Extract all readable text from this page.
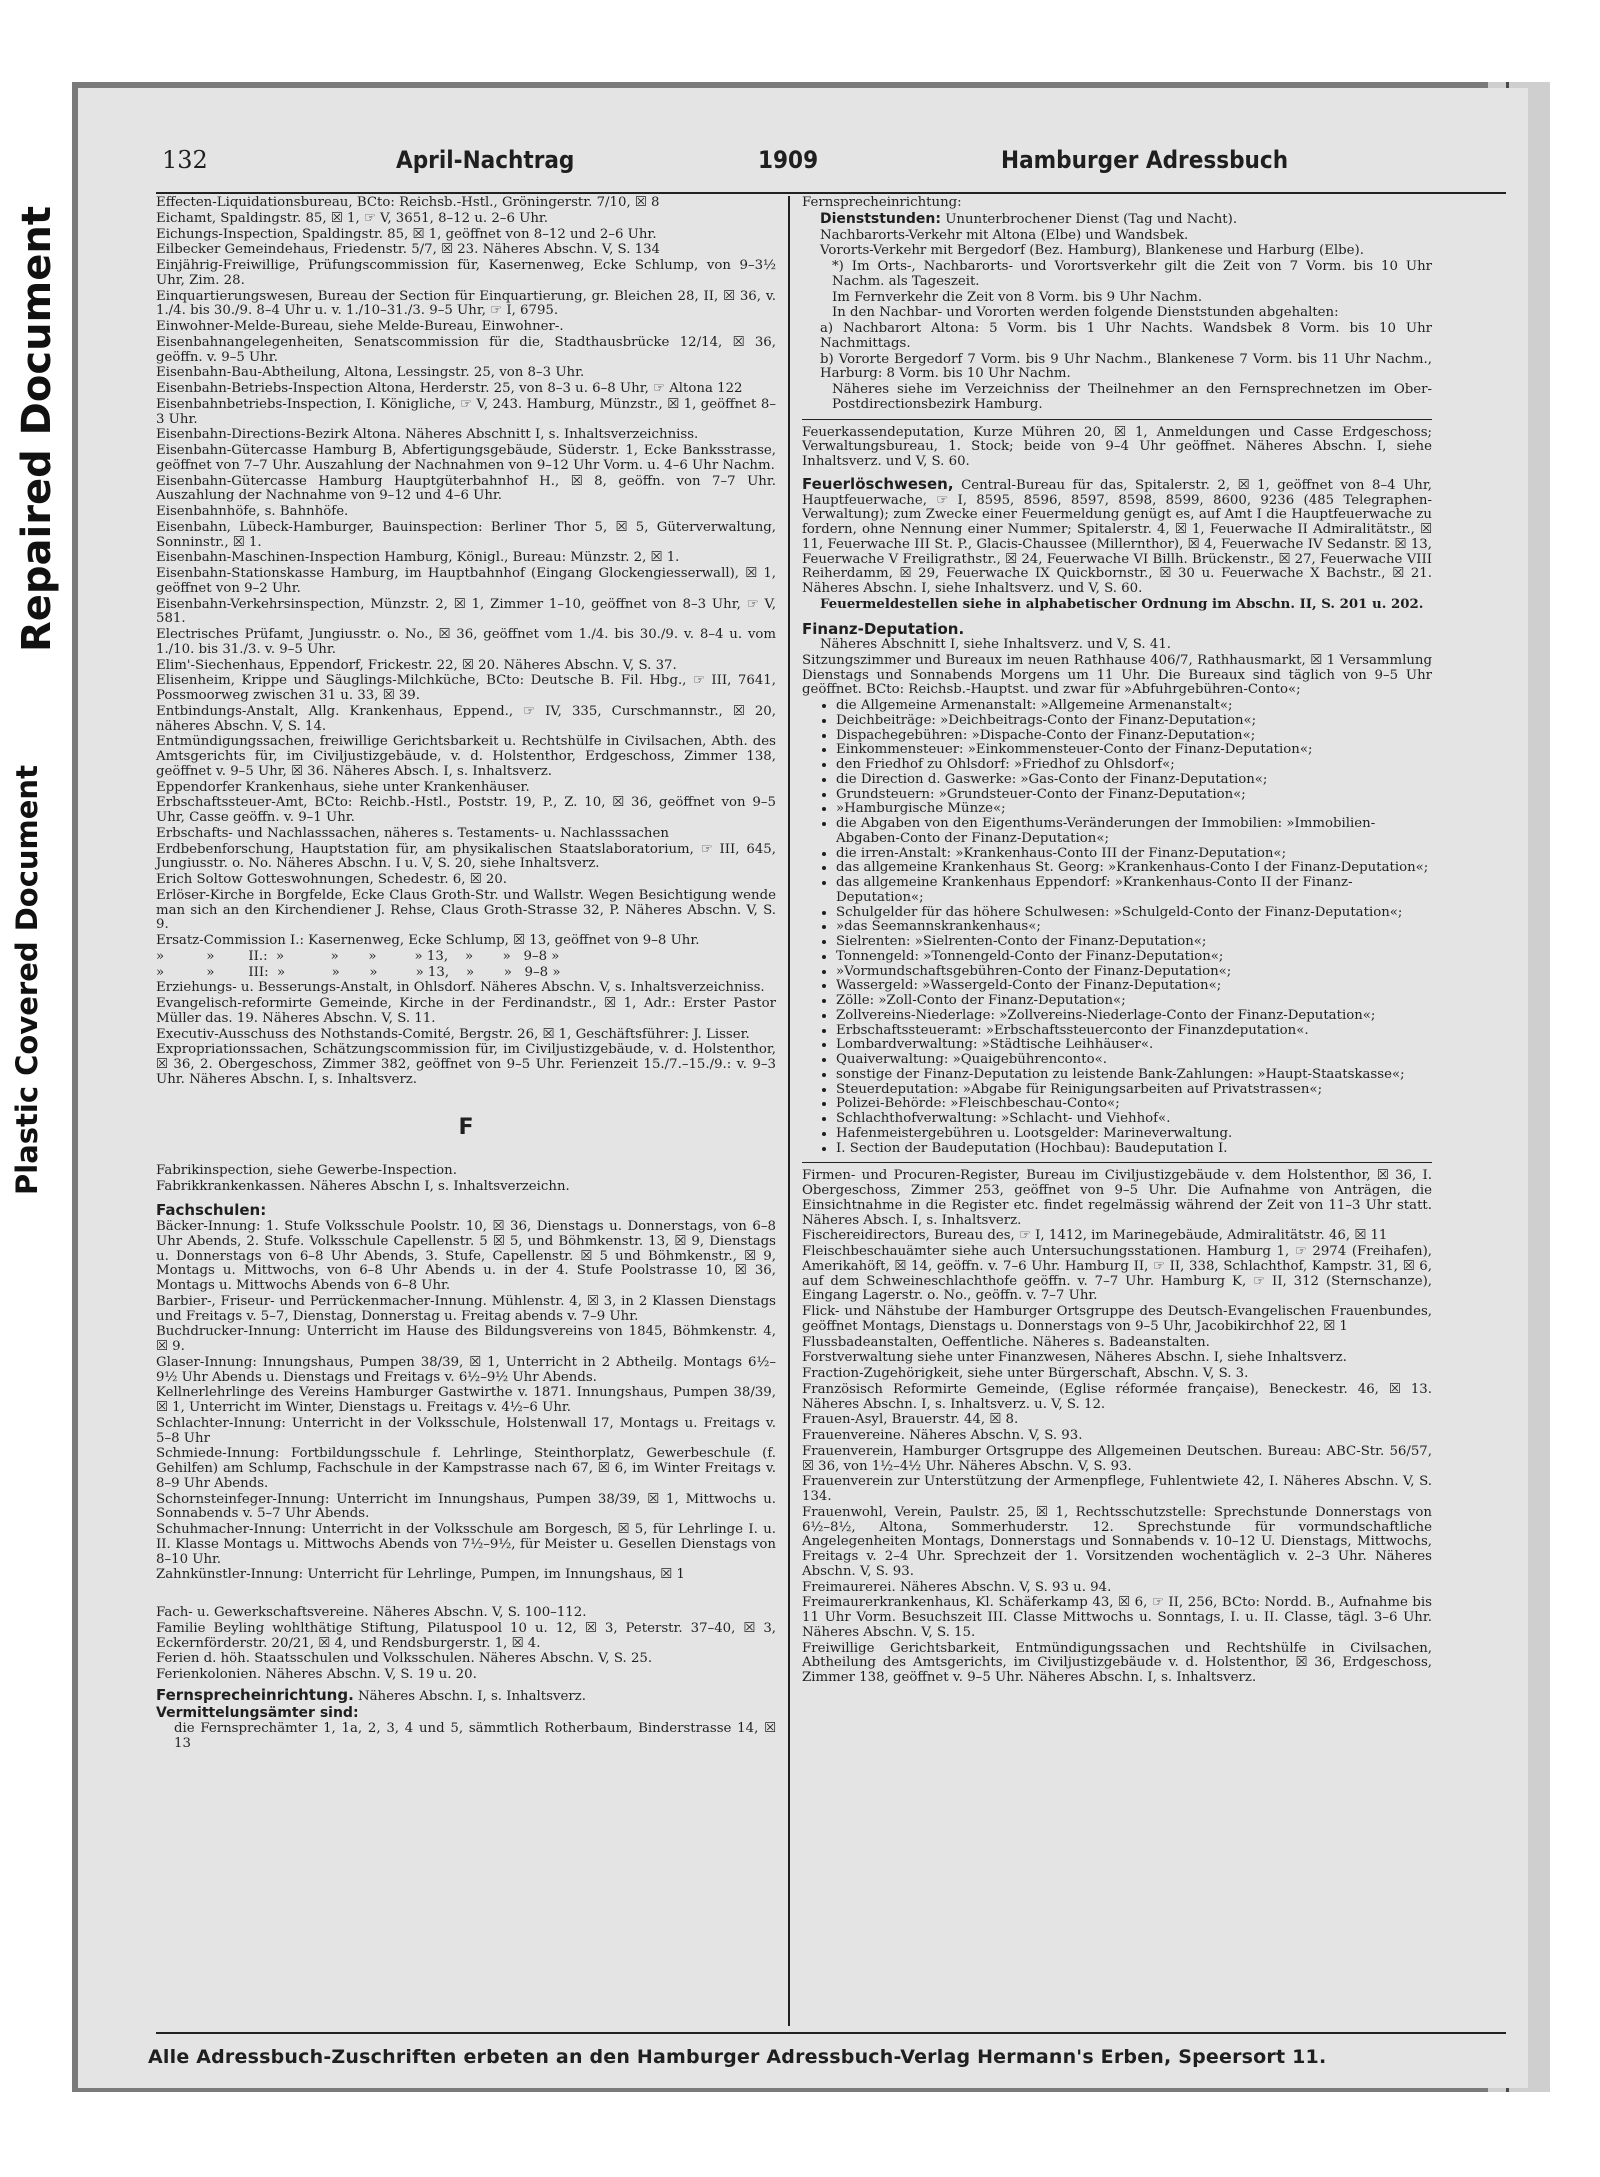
Plastic Covered Document
Repaired Document
132	April-Nachtrag	1909	Hamburger Adressbuch

Effecten-Liquidationsbureau, BCto: Reichsb.-Hstl., Gröningerstr. 7/10, ☒ 8

Eichamt, Spaldingstr. 85, ☒ 1, ☞ V, 3651, 8–12 u. 2–6 Uhr.

Eichungs-Inspection, Spaldingstr. 85, ☒ 1, geöffnet von 8–12 und 2–6 Uhr.

Eilbecker Gemeindehaus, Friedenstr. 5/7, ☒ 23. Näheres Abschn. V, S. 134

Einjährig-Freiwillige, Prüfungscommission für, Kasernenweg, Ecke Schlump, von 9–3½ Uhr, Zim. 28.

Einquartierungswesen, Bureau der Section für Einquartierung, gr. Bleichen 28, II, ☒ 36, v. 1./4. bis 30./9. 8–4 Uhr u. v. 1./10–31./3. 9–5 Uhr, ☞ I, 6795.

Einwohner-Melde-Bureau, siehe Melde-Bureau, Einwohner-.

Eisenbahnangelegenheiten, Senatscommission für die, Stadthausbrücke 12/14, ☒ 36, geöffn. v. 9–5 Uhr.

Eisenbahn-Bau-Abtheilung, Altona, Lessingstr. 25, von 8–3 Uhr.

Eisenbahn-Betriebs-Inspection Altona, Herderstr. 25, von 8–3 u. 6–8 Uhr, ☞ Altona 122

Eisenbahnbetriebs-Inspection, I. Königliche, ☞ V, 243. Hamburg, Münzstr., ☒ 1, geöffnet 8–3 Uhr.

Eisenbahn-Directions-Bezirk Altona. Näheres Abschnitt I, s. Inhaltsverzeichniss.

Eisenbahn-Gütercasse Hamburg B, Abfertigungsgebäude, Süderstr. 1, Ecke Banksstrasse, geöffnet von 7–7 Uhr. Auszahlung der Nachnahmen von 9–12 Uhr Vorm. u. 4–6 Uhr Nachm.

Eisenbahn-Gütercasse Hamburg Hauptgüterbahnhof H., ☒ 8, geöffn. von 7–7 Uhr. Auszahlung der Nachnahme von 9–12 und 4–6 Uhr.

Eisenbahnhöfe, s. Bahnhöfe.

Eisenbahn, Lübeck-Hamburger, Bauinspection: Berliner Thor 5, ☒ 5, Güterverwaltung, Sonninstr., ☒ 1.

Eisenbahn-Maschinen-Inspection Hamburg, Königl., Bureau: Münzstr. 2, ☒ 1.

Eisenbahn-Stationskasse Hamburg, im Hauptbahnhof (Eingang Glockengiesserwall), ☒ 1, geöffnet von 9–2 Uhr.

Eisenbahn-Verkehrsinspection, Münzstr. 2, ☒ 1, Zimmer 1–10, geöffnet von 8–3 Uhr, ☞ V, 581.

Electrisches Prüfamt, Jungiusstr. o. No., ☒ 36, geöffnet vom 1./4. bis 30./9. v. 8–4 u. vom 1./10. bis 31./3. v. 9–5 Uhr.

Elim'-Siechenhaus, Eppendorf, Frickestr. 22, ☒ 20. Näheres Abschn. V, S. 37.

Elisenheim, Krippe und Säuglings-Milchküche, BCto: Deutsche B. Fil. Hbg., ☞ III, 7641, Possmoorweg zwischen 31 u. 33, ☒ 39.

Entbindungs-Anstalt, Allg. Krankenhaus, Eppend., ☞ IV, 335, Curschmannstr., ☒ 20, näheres Abschn. V, S. 14.

Entmündigungssachen, freiwillige Gerichtsbarkeit u. Rechtshülfe in Civilsachen, Abth. des Amtsgerichts für, im Civiljustizgebäude, v. d. Holstenthor, Erdgeschoss, Zimmer 138, geöffnet v. 9–5 Uhr, ☒ 36. Näheres Absch. I, s. Inhaltsverz.

Eppendorfer Krankenhaus, siehe unter Krankenhäuser.

Erbschaftssteuer-Amt, BCto: Reichb.-Hstl., Poststr. 19, P., Z. 10, ☒ 36, geöffnet von 9–5 Uhr, Casse geöffn. v. 9–1 Uhr.

Erbschafts- und Nachlasssachen, näheres s. Testaments- u. Nachlasssachen

Erdbebenforschung, Hauptstation für, am physikalischen Staatslaboratorium, ☞ III, 645, Jungiusstr. o. No. Näheres Abschn. I u. V, S. 20, siehe Inhaltsverz.

Erich Soltow Gotteswohnungen, Schedestr. 6, ☒ 20.

Erlöser-Kirche in Borgfelde, Ecke Claus Groth-Str. und Wallstr. Wegen Besichtigung wende man sich an den Kirchendiener J. Rehse, Claus Groth-Strasse 32, P. Näheres Abschn. V, S. 9.

Ersatz-Commission I.: Kasernenweg, Ecke Schlump, ☒ 13, geöffnet von 9–8 Uhr.

»          »        II.:  »           »       »         » 13,    »       »   9–8 »

»          »        III:  »           »       »         » 13,    »       »   9–8 »

Erziehungs- u. Besserungs-Anstalt, in Ohlsdorf. Näheres Abschn. V, s. Inhaltsverzeichniss.

Evangelisch-reformirte Gemeinde, Kirche in der Ferdinandstr., ☒ 1, Adr.: Erster Pastor Müller das. 19. Näheres Abschn. V, S. 11.

Executiv-Ausschuss des Nothstands-Comité, Bergstr. 26, ☒ 1, Geschäftsführer: J. Lisser.

Expropriationssachen, Schätzungscommission für, im Civiljustizgebäude, v. d. Holstenthor, ☒ 36, 2. Obergeschoss, Zimmer 382, geöffnet von 9–5 Uhr. Ferienzeit 15./7.–15./9.: v. 9–3 Uhr. Näheres Abschn. I, s. Inhaltsverz.

F

Fabrikinspection, siehe Gewerbe-Inspection.

Fabrikkrankenkassen. Näheres Abschn I, s. Inhaltsverzeichn.

Fachschulen:

Bäcker-Innung: 1. Stufe Volksschule Poolstr. 10, ☒ 36, Dienstags u. Donnerstags, von 6–8 Uhr Abends, 2. Stufe. Volksschule Capellenstr. 5 ☒ 5, und Böhmkenstr. 13, ☒ 9, Dienstags u. Donnerstags von 6–8 Uhr Abends, 3. Stufe, Capellenstr. ☒ 5 und Böhmkenstr., ☒ 9, Montags u. Mittwochs, von 6–8 Uhr Abends u. in der 4. Stufe Poolstrasse 10, ☒ 36, Montags u. Mittwochs Abends von 6–8 Uhr.

Barbier-, Friseur- und Perrückenmacher-Innung. Mühlenstr. 4, ☒ 3, in 2 Klassen Dienstags und Freitags v. 5–7, Dienstag, Donnerstag u. Freitag abends v. 7–9 Uhr.

Buchdrucker-Innung: Unterricht im Hause des Bildungsvereins von 1845, Böhmkenstr. 4, ☒ 9.

Glaser-Innung: Innungshaus, Pumpen 38/39, ☒ 1, Unterricht in 2 Abtheilg. Montags 6½–9½ Uhr Abends u. Dienstags und Freitags v. 6½–9½ Uhr Abends.

Kellnerlehrlinge des Vereins Hamburger Gastwirthe v. 1871. Innungshaus, Pumpen 38/39, ☒ 1, Unterricht im Winter, Dienstags u. Freitags v. 4½–6 Uhr.

Schlachter-Innung: Unterricht in der Volksschule, Holstenwall 17, Montags u. Freitags v. 5–8 Uhr

Schmiede-Innung: Fortbildungsschule f. Lehrlinge, Steinthorplatz, Gewerbeschule (f. Gehilfen) am Schlump, Fachschule in der Kampstrasse nach 67, ☒ 6, im Winter Freitags v. 8–9 Uhr Abends.

Schornsteinfeger-Innung: Unterricht im Innungshaus, Pumpen 38/39, ☒ 1, Mittwochs u. Sonnabends v. 5–7 Uhr Abends.

Schuhmacher-Innung: Unterricht in der Volksschule am Borgesch, ☒ 5, für Lehrlinge I. u. II. Klasse Montags u. Mittwochs Abends von 7½–9½, für Meister u. Gesellen Dienstags von 8–10 Uhr.

Zahnkünstler-Innung: Unterricht für Lehrlinge, Pumpen, im Innungshaus, ☒ 1

Fach- u. Gewerkschaftsvereine. Näheres Abschn. V, S. 100–112.

Familie Beyling wohlthätige Stiftung, Pilatuspool 10 u. 12, ☒ 3, Peterstr. 37–40, ☒ 3, Eckernförderstr. 20/21, ☒ 4, und Rendsburgerstr. 1, ☒ 4.

Ferien d. höh. Staatsschulen und Volksschulen. Näheres Abschn. V, S. 25.

Ferienkolonien. Näheres Abschn. V, S. 19 u. 20.

Fernsprecheinrichtung. Näheres Abschn. I, s. Inhaltsverz.

Vermittelungsämter sind:

die Fernsprechämter 1, 1a, 2, 3, 4 und 5, sämmtlich Rotherbaum, Binderstrasse 14, ☒ 13

Fernsprecheinrichtung:

Dienststunden: Ununterbrochener Dienst (Tag und Nacht).

Nachbarorts-Verkehr mit Altona (Elbe) und Wandsbek.

Vororts-Verkehr mit Bergedorf (Bez. Hamburg), Blankenese und Harburg (Elbe).

*) Im Orts-, Nachbarorts- und Vorortsverkehr gilt die Zeit von 7 Vorm. bis 10 Uhr Nachm. als Tageszeit.

Im Fernverkehr die Zeit von 8 Vorm. bis 9 Uhr Nachm.

In den Nachbar- und Vororten werden folgende Dienststunden abgehalten:

a) Nachbarort Altona: 5 Vorm. bis 1 Uhr Nachts. Wandsbek 8 Vorm. bis 10 Uhr Nachmittags.

b) Vororte Bergedorf 7 Vorm. bis 9 Uhr Nachm., Blankenese 7 Vorm. bis 11 Uhr Nachm., Harburg: 8 Vorm. bis 10 Uhr Nachm.

Näheres siehe im Verzeichniss der Theilnehmer an den Fernsprechnetzen im Ober-Postdirectionsbezirk Hamburg.

Feuerkassendeputation, Kurze Mühren 20, ☒ 1, Anmeldungen und Casse Erdgeschoss; Verwaltungsbureau, 1. Stock; beide von 9–4 Uhr geöffnet. Näheres Abschn. I, siehe Inhaltsverz. und V, S. 60.

Feuerlöschwesen, Central-Bureau für das, Spitalerstr. 2, ☒ 1, geöffnet von 8–4 Uhr, Hauptfeuerwache, ☞ I, 8595, 8596, 8597, 8598, 8599, 8600, 9236 (485 Telegraphen-Verwaltung); zum Zwecke einer Feuermeldung genügt es, auf Amt I die Hauptfeuerwache zu fordern, ohne Nennung einer Nummer; Spitalerstr. 4, ☒ 1, Feuerwache II Admiralitätstr., ☒ 11, Feuerwache III St. P., Glacis-Chaussee (Millernthor), ☒ 4, Feuerwache IV Sedanstr. ☒ 13, Feuerwache V Freiligrathstr., ☒ 24, Feuerwache VI Billh. Brückenstr., ☒ 27, Feuerwache VIII Reiherdamm, ☒ 29, Feuerwache IX Quickbornstr., ☒ 30 u. Feuerwache X Bachstr., ☒ 21. Näheres Abschn. I, siehe Inhaltsverz. und V, S. 60.

Feuermeldestellen siehe in alphabetischer Ordnung im Abschn. II, S. 201 u. 202.

Finanz-Deputation.

Näheres Abschnitt I, siehe Inhaltsverz. und V, S. 41.

Sitzungszimmer und Bureaux im neuen Rathhause 406/7, Rathhausmarkt, ☒ 1 Versammlung Dienstags und Sonnabends Morgens um 11 Uhr. Die Bureaux sind täglich von 9–5 Uhr geöffnet. BCto: Reichsb.-Hauptst. und zwar für »Abfuhrgebühren-Conto«;

• die Allgemeine Armenanstalt: »Allgemeine Armenanstalt«;
• Deichbeiträge: »Deichbeitrags-Conto der Finanz-Deputation«;
• Dispachegebühren: »Dispache-Conto der Finanz-Deputation«;
• Einkommensteuer: »Einkommensteuer-Conto der Finanz-Deputation«;
• den Friedhof zu Ohlsdorf: »Friedhof zu Ohlsdorf«;
• die Direction d. Gaswerke: »Gas-Conto der Finanz-Deputation«;
• Grundsteuern: »Grundsteuer-Conto der Finanz-Deputation«;
• »Hamburgische Münze«;
• die Abgaben von den Eigenthums-Veränderungen der Immobilien: »Immobilien-Abgaben-Conto der Finanz-Deputation«;
• die irren-Anstalt: »Krankenhaus-Conto III der Finanz-Deputation«;
• das allgemeine Krankenhaus St. Georg: »Krankenhaus-Conto I der Finanz-Deputation«;
• das allgemeine Krankenhaus Eppendorf: »Krankenhaus-Conto II der Finanz-Deputation«;
• Schulgelder für das höhere Schulwesen: »Schulgeld-Conto der Finanz-Deputation«;
• »das Seemannskrankenhaus«;
• Sielrenten: »Sielrenten-Conto der Finanz-Deputation«;
• Tonnengeld: »Tonnengeld-Conto der Finanz-Deputation«;
• »Vormundschaftsgebühren-Conto der Finanz-Deputation«;
• Wassergeld: »Wassergeld-Conto der Finanz-Deputation«;
• Zölle: »Zoll-Conto der Finanz-Deputation«;
• Zollvereins-Niederlage: »Zollvereins-Niederlage-Conto der Finanz-Deputation«;
• Erbschaftssteueramt: »Erbschaftssteuerconto der Finanzdeputation«.
• Lombardverwaltung: »Städtische Leihhäuser«.
• Quaiverwaltung: »Quaigebührenconto«.
• sonstige der Finanz-Deputation zu leistende Bank-Zahlungen: »Haupt-Staatskasse«;
• Steuerdeputation: »Abgabe für Reinigungsarbeiten auf Privatstrassen«;
• Polizei-Behörde: »Fleischbeschau-Conto«;
• Schlachthofverwaltung: »Schlacht- und Viehhof«.
• Hafenmeistergebühren u. Lootsgelder: Marineverwaltung.
• I. Section der Baudeputation (Hochbau): Baudeputation I.

Firmen- und Procuren-Register, Bureau im Civiljustizgebäude v. dem Holstenthor, ☒ 36, I. Obergeschoss, Zimmer 253, geöffnet von 9–5 Uhr. Die Aufnahme von Anträgen, die Einsichtnahme in die Register etc. findet regelmässig während der Zeit von 11–3 Uhr statt. Näheres Absch. I, s. Inhaltsverz.

Fischereidirectors, Bureau des, ☞ I, 1412, im Marinegebäude, Admiralitätstr. 46, ☒ 11

Fleischbeschauämter siehe auch Untersuchungsstationen. Hamburg 1, ☞ 2974 (Freihafen), Amerikahöft, ☒ 14, geöffn. v. 7–6 Uhr. Hamburg II, ☞ II, 338, Schlachthof, Kampstr. 31, ☒ 6, auf dem Schweineschlachthofe geöffn. v. 7–7 Uhr. Hamburg K, ☞ II, 312 (Sternschanze), Eingang Lagerstr. o. No., geöffn. v. 7–7 Uhr.

Flick- und Nähstube der Hamburger Ortsgruppe des Deutsch-Evangelischen Frauenbundes, geöffnet Montags, Dienstags u. Donnerstags von 9–5 Uhr, Jacobikirchhof 22, ☒ 1

Flussbadeanstalten, Oeffentliche. Näheres s. Badeanstalten.

Forstverwaltung siehe unter Finanzwesen, Näheres Abschn. I, siehe Inhaltsverz.

Fraction-Zugehörigkeit, siehe unter Bürgerschaft, Abschn. V, S. 3.

Französisch Reformirte Gemeinde, (Eglise réformée française), Beneckestr. 46, ☒ 13. Näheres Abschn. I, s. Inhaltsverz. u. V, S. 12.

Frauen-Asyl, Brauerstr. 44, ☒ 8.

Frauenvereine. Näheres Abschn. V, S. 93.

Frauenverein, Hamburger Ortsgruppe des Allgemeinen Deutschen. Bureau: ABC-Str. 56/57, ☒ 36, von 1½–4½ Uhr. Näheres Abschn. V, S. 93.

Frauenverein zur Unterstützung der Armenpflege, Fuhlentwiete 42, I. Näheres Abschn. V, S. 134.

Frauenwohl, Verein, Paulstr. 25, ☒ 1, Rechtsschutzstelle: Sprechstunde Donnerstags von 6½–8½, Altona, Sommerhuderstr. 12. Sprechstunde für vormundschaftliche Angelegenheiten Montags, Donnerstags und Sonnabends v. 10–12 U. Dienstags, Mittwochs, Freitags v. 2–4 Uhr. Sprechzeit der 1. Vorsitzenden wochentäglich v. 2–3 Uhr. Näheres Abschn. V, S. 93.

Freimaurerei. Näheres Abschn. V, S. 93 u. 94.

Freimaurerkrankenhaus, Kl. Schäferkamp 43, ☒ 6, ☞ II, 256, BCto: Nordd. B., Aufnahme bis 11 Uhr Vorm. Besuchszeit III. Classe Mittwochs u. Sonntags, I. u. II. Classe, tägl. 3–6 Uhr. Näheres Abschn. V, S. 15.

Freiwillige Gerichtsbarkeit, Entmündigungssachen und Rechtshülfe in Civilsachen, Abtheilung des Amtsgerichts, im Civiljustizgebäude v. d. Holstenthor, ☒ 36, Erdgeschoss, Zimmer 138, geöffnet v. 9–5 Uhr. Näheres Abschn. I, s. Inhaltsverz.

Alle Adressbuch-Zuschriften erbeten an den Hamburger Adressbuch-Verlag Hermann's Erben, Speersort 11.
